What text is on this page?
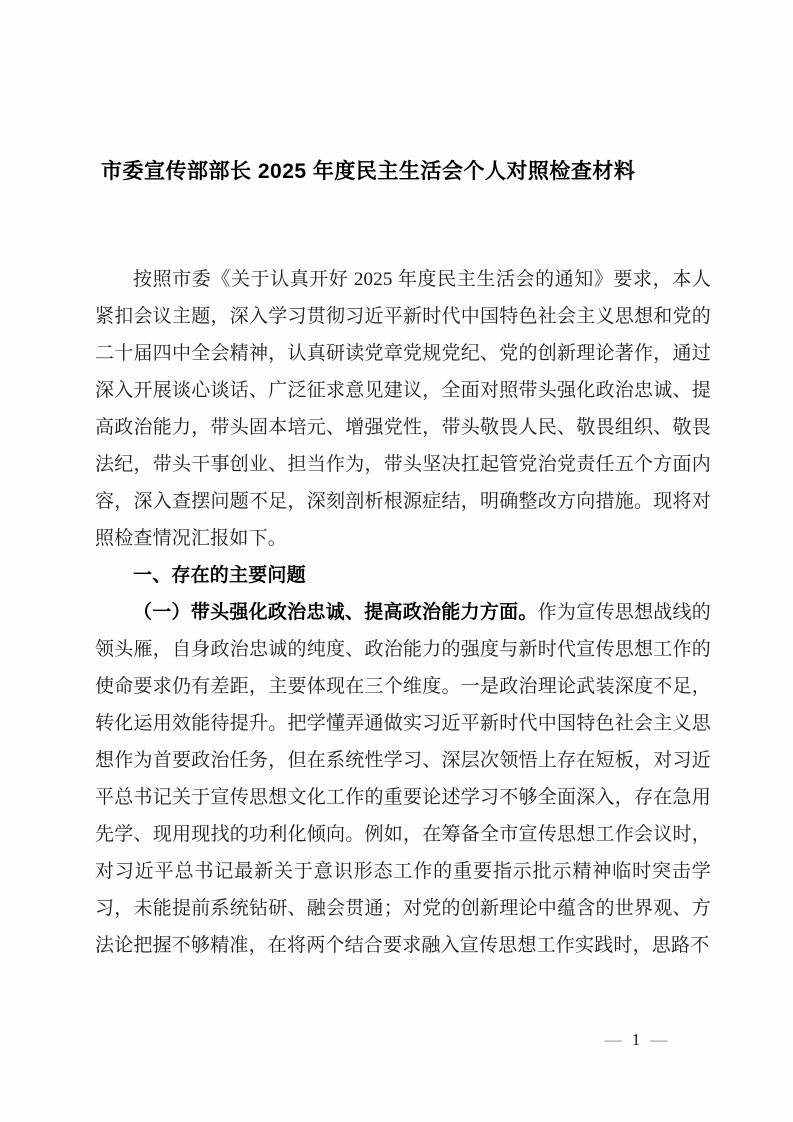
市委宣传部部长 2025 年度民主生活会个人对照检查材料

按照市委《关于认真开好 2025 年度民主生活会的通知》要求，本人紧扣会议主题，深入学习贯彻习近平新时代中国特色社会主义思想和党的二十届四中全会精神，认真研读党章党规党纪、党的创新理论著作，通过深入开展谈心谈话、广泛征求意见建议，全面对照带头强化政治忠诚、提高政治能力，带头固本培元、增强党性，带头敬畏人民、敬畏组织、敬畏法纪，带头干事创业、担当作为，带头坚决扛起管党治党责任五个方面内容，深入查摆问题不足，深刻剖析根源症结，明确整改方向措施。现将对照检查情况汇报如下。

一、存在的主要问题

（一）带头强化政治忠诚、提高政治能力方面。作为宣传思想战线的领头雁，自身政治忠诚的纯度、政治能力的强度与新时代宣传思想工作的使命要求仍有差距，主要体现在三个维度。一是政治理论武装深度不足，转化运用效能待提升。把学懂弄通做实习近平新时代中国特色社会主义思想作为首要政治任务，但在系统性学习、深层次领悟上存在短板，对习近平总书记关于宣传思想文化工作的重要论述学习不够全面深入，存在急用先学、现用现找的功利化倾向。例如，在筹备全市宣传思想工作会议时，对习近平总书记最新关于意识形态工作的重要指示批示精神临时突击学习，未能提前系统钻研、融会贯通；对党的创新理论中蕴含的世界观、方法论把握不够精准，在将两个结合要求融入宣传思想工作实践时，思路不

— 1 —
